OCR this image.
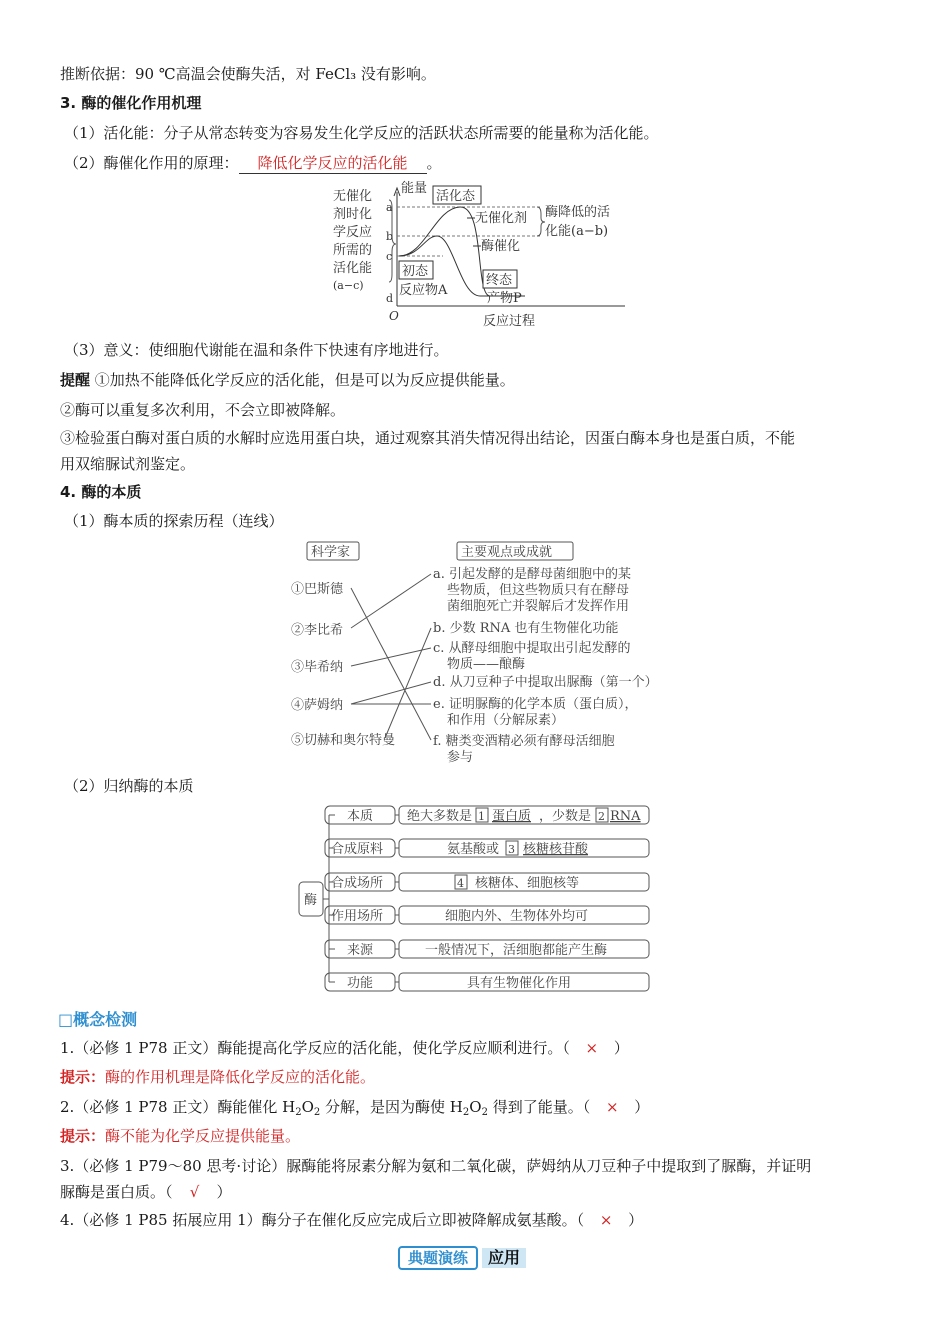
推断依据：90 ℃高温会使酶失活，对 FeCl₃ 没有影响。
3. 酶的催化作用机理
（1）活化能：分子从常态转变为容易发生化学反应的活跃状态所需要的能量称为活化能。
（2）酶催化作用的原理： 降低化学反应的活化能 。
无催化
剂时化
学反应
所需的
活化能
(a−c)
能量
反应过程
O
a
b
c
d
活化态
无催化剂
酶催化
初态
反应物A
终态
产物P
酶降低的活
化能(a−b)
（3）意义：使细胞代谢能在温和条件下快速有序地进行。
提醒 ①加热不能降低化学反应的活化能，但是可以为反应提供能量。
②酶可以重复多次利用，不会立即被降解。
③检验蛋白酶对蛋白质的水解时应选用蛋白块，通过观察其消失情况得出结论，因蛋白酶本身也是蛋白质，不能
用双缩脲试剂鉴定。
4. 酶的本质
（1）酶本质的探索历程（连线）
科学家	主要观点或成就
①巴斯德
②李比希
③毕希纳
④萨姆纳
⑤切赫和奥尔特曼
a. 引起发酵的是酵母菌细胞中的某
些物质，但这些物质只有在酵母
菌细胞死亡并裂解后才发挥作用
b. 少数 RNA 也有生物催化功能
c. 从酵母细胞中提取出引起发酵的
物质——酿酶
d. 从刀豆种子中提取出脲酶（第一个）
e. 证明脲酶的化学本质（蛋白质），
和作用（分解尿素）
f. 糖类变酒精必须有酵母活细胞
参与
（2）归纳酶的本质
酶
本质
合成原料
合成场所
作用场所
来源
功能
绝大多数是 1 蛋白质 ，少数是 2 RNA
氨基酸或 3 核糖核苷酸
4 核糖体、细胞核等
细胞内外、生物体外均可
一般情况下，活细胞都能产生酶
具有生物催化作用
□概念检测
1.（必修 1 P78 正文）酶能提高化学反应的活化能，使化学反应顺利进行。（ × ）
提示：酶的作用机理是降低化学反应的活化能。
2.（必修 1 P78 正文）酶能催化 $H_2O_2$ 分解，是因为酶使 $H_2O_2$ 得到了能量。（ × ）
提示：酶不能为化学反应提供能量。
3.（必修 1 P79～80 思考·讨论）脲酶能将尿素分解为氨和二氧化碳，萨姆纳从刀豆种子中提取到了脲酶，并证明
脲酶是蛋白质。（ √ ）
4.（必修 1 P85 拓展应用 1）酶分子在催化反应完成后立即被降解成氨基酸。（ × ）
典题演练	应用
